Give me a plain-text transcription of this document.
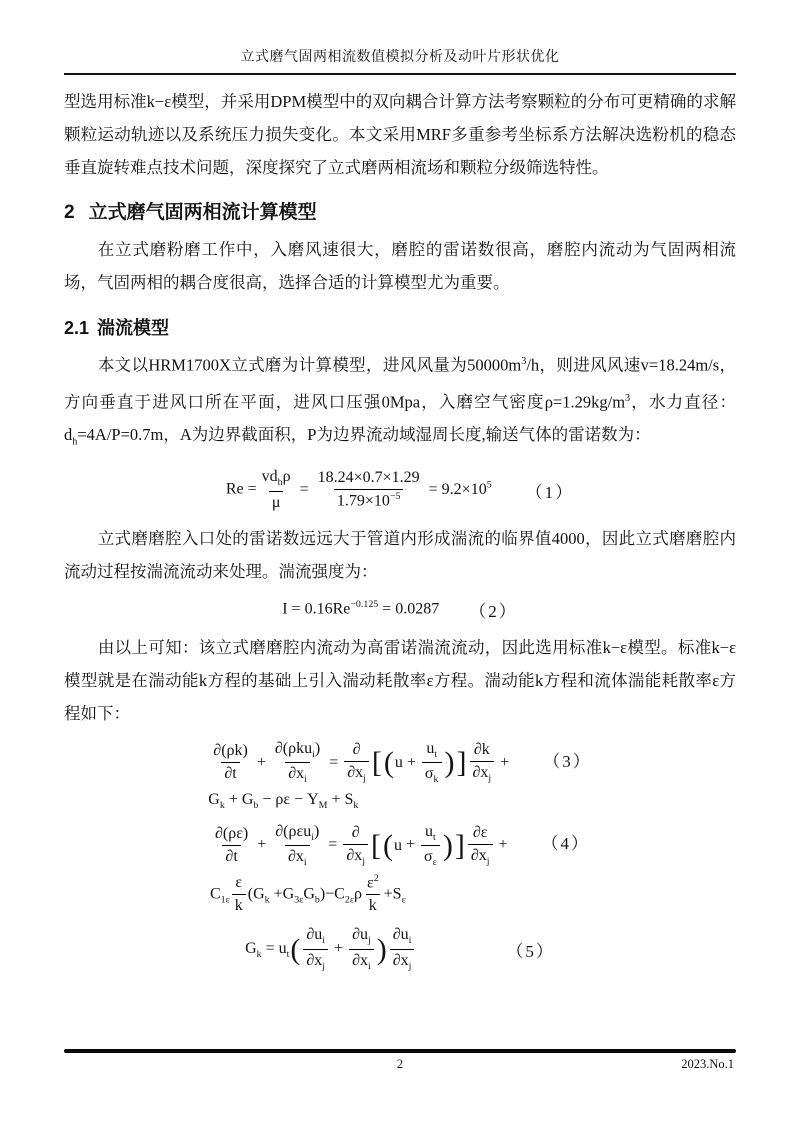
立式磨气固两相流数值模拟分析及动叶片形状优化

型选用标准k−ε模型，并采用DPM模型中的双向耦合计算方法考察颗粒的分布可更精确的求解颗粒运动轨迹以及系统压力损失变化。本文采用MRF多重参考坐标系方法解决选粉机的稳态垂直旋转难点技术问题，深度探究了立式磨两相流场和颗粒分级筛选特性。

2 立式磨气固两相流计算模型

在立式磨粉磨工作中，入磨风速很大，磨腔的雷诺数很高，磨腔内流动为气固两相流场，气固两相的耦合度很高，选择合适的计算模型尤为重要。

2.1 湍流模型

本文以HRM1700X立式磨为计算模型，进风风量为$50000m^3/h$，则进风风速v=18.24m/s，方向垂直于进风口所在平面，进风口压强0Mpa，入磨空气密度$\rho=1.29kg/m^3$，水力直径：$d_h=4A/P=0.7m$，A为边界截面积，P为边界流动域湿周长度,输送气体的雷诺数为：

$Re = \frac{vd_h\rho}{\mu} = \frac{18.24\times 0.7\times 1.29}{1.79\times 10^{-5}} = 9.2\times 10^5$ （1）

立式磨磨腔入口处的雷诺数远远大于管道内形成湍流的临界值4000，因此立式磨磨腔内流动过程按湍流流动来处理。湍流强度为：

$I = 0.16Re^{-0.125} = 0.0287$ （2）

由以上可知：该立式磨磨腔内流动为高雷诺湍流流动，因此选用标准k−ε模型。标准k−ε模型就是在湍动能k方程的基础上引入湍动耗散率ε方程。湍动能k方程和流体湍能耗散率ε方程如下：

$\frac{\partial(\rho k)}{\partial t} + \frac{\partial(\rho ku_i)}{\partial x_i} = \frac{\partial}{\partial x_j} [(u + \frac{u_t}{\sigma_k}$ )] $\frac{\partial k}{\partial x_j} + (3)$
$G_k + G_b - \rho\varepsilon - Y_M + S_k$
$\frac{\partial(\rho\varepsilon)}{\partial t} + \frac{\partial(\rho\varepsilon u_i)}{\partial x_i} = \frac{\partial}{\partial x_j} [(u + \frac{u_t}{\sigma_\varepsilon}$ )] $\frac{\partial\varepsilon}{\partial x_j} + (4)$
$C_{1\varepsilon} \frac{\varepsilon}{k} (G_k +G_{3\varepsilon}G_b)-C_{2\varepsilon}\rho \frac{\varepsilon^2}{k} +S_\varepsilon$
$G_k = u_t( \frac{\partial u_i}{\partial x_j} + \frac{\partial u_j}{\partial x_i}$ ) $\frac{\partial u_i}{\partial x_j}$	（5）
2	2023.No.1
